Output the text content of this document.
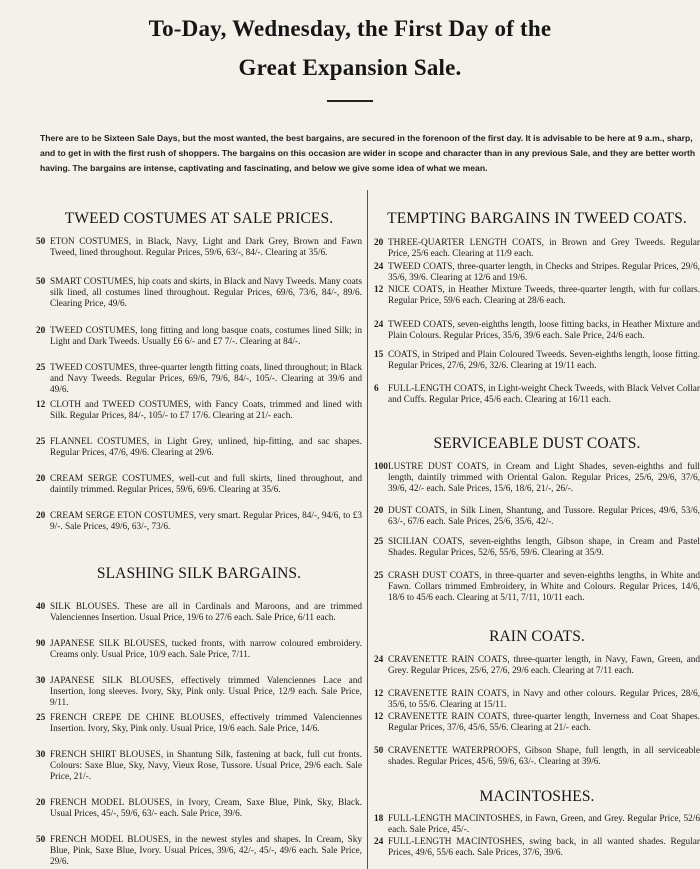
To-Day, Wednesday, the First Day of the
Great Expansion Sale.
There are to be Sixteen Sale Days, but the most wanted, the best bargains, are secured in the forenoon of the first day. It is advisable to be here at 9 a.m., sharp, and to get in with the first rush of shoppers. The bargains on this occasion are wider in scope and character than in any previous Sale, and they are better worth having. The bargains are intense, captivating and fascinating, and below we give some idea of what we mean.
TWEED COSTUMES AT SALE PRICES.
50 ETON COSTUMES, in Black, Navy, Light and Dark Grey, Brown and Fawn Tweed, lined throughout. Regular Prices, 59/6, 63/-, 84/-. Clearing at 35/6.
50 SMART COSTUMES, hip coats and skirts, in Black and Navy Tweeds. Many coats silk lined, all costumes lined throughout. Regular Prices, 69/6, 73/6, 84/-, 89/6. Clearing Price, 49/6.
20 TWEED COSTUMES, long fitting and long basque coats, costumes lined Silk; in Light and Dark Tweeds. Usually £6 6/- and £7 7/-. Clearing at 84/-.
25 TWEED COSTUMES, three-quarter length fitting coats, lined throughout; in Black and Navy Tweeds. Regular Prices, 69/6, 79/6, 84/-, 105/-. Clearing at 39/6 and 49/6.
12 CLOTH and TWEED COSTUMES, with Fancy Coats, trimmed and lined with Silk. Regular Prices, 84/-, 105/- to £7 17/6. Clearing at 21/- each.
25 FLANNEL COSTUMES, in Light Grey, unlined, hip-fitting, and sac shapes. Regular Prices, 47/6, 49/6. Clearing at 29/6.
20 CREAM SERGE COSTUMES, well-cut and full skirts, lined throughout, and daintily trimmed. Regular Prices, 59/6, 69/6. Clearing at 35/6.
20 CREAM SERGE ETON COSTUMES, very smart. Regular Prices, 84/-, 94/6, to £3 9/-. Sale Prices, 49/6, 63/-, 73/6.
SLASHING SILK BARGAINS.
40 SILK BLOUSES. These are all in Cardinals and Maroons, and are trimmed Valenciennes Insertion. Usual Price, 19/6 to 27/6 each. Sale Price, 6/11 each.
90 JAPANESE SILK BLOUSES, tucked fronts, with narrow coloured embroidery. Creams only. Usual Price, 10/9 each. Sale Price, 7/11.
30 JAPANESE SILK BLOUSES, effectively trimmed Valenciennes Lace and Insertion, long sleeves. Ivory, Sky, Pink only. Usual Price, 12/9 each. Sale Price, 9/11.
25 FRENCH CREPE DE CHINE BLOUSES, effectively trimmed Valenciennes Insertion. Ivory, Sky, Pink only. Usual Price, 19/6 each. Sale Price, 14/6.
30 FRENCH SHIRT BLOUSES, in Shantung Silk, fastening at back, full cut fronts. Colours: Saxe Blue, Sky, Navy, Vieux Rose, Tussore. Usual Price, 29/6 each. Sale Price, 21/-.
20 FRENCH MODEL BLOUSES, in Ivory, Cream, Saxe Blue, Pink, Sky, Black. Usual Prices, 45/-, 59/6, 63/- each. Sale Price, 39/6.
50 FRENCH MODEL BLOUSES, in the newest styles and shapes. In Cream, Sky Blue, Pink, Saxe Blue, Ivory. Usual Prices, 39/6, 42/-, 45/-, 49/6 each. Sale Price, 29/6.
TEMPTING BARGAINS IN TWEED COATS.
20 THREE-QUARTER LENGTH COATS, in Brown and Grey Tweeds. Regular Price, 25/6 each. Clearing at 11/9 each.
24 TWEED COATS, three-quarter length, in Checks and Stripes. Regular Prices, 29/6, 35/6, 39/6. Clearing at 12/6 and 19/6.
12 NICE COATS, in Heather Mixture Tweeds, three-quarter length, with fur collars. Regular Price, 59/6 each. Clearing at 28/6 each.
24 TWEED COATS, seven-eighths length, loose fitting backs, in Heather Mixture and Plain Colours. Regular Prices, 35/6, 39/6 each. Sale Price, 24/6 each.
15 COATS, in Striped and Plain Coloured Tweeds. Seven-eighths length, loose fitting. Regular Prices, 27/6, 29/6, 32/6. Clearing at 19/11 each.
6	FULL-LENGTH COATS, in Light-weight Check Tweeds, with Black Velvet Collar and Cuffs. Regular Price, 45/6 each. Clearing at 16/11 each.
SERVICEABLE DUST COATS.
100 LUSTRE DUST COATS, in Cream and Light Shades, seven-eighths and full length, daintily trimmed with Oriental Galon. Regular Prices, 25/6, 29/6, 37/6, 39/6, 42/- each. Sale Prices, 15/6, 18/6, 21/-, 26/-.
20 DUST COATS, in Silk Linen, Shantung, and Tussore. Regular Prices, 49/6, 53/6, 63/-, 67/6 each. Sale Prices, 25/6, 35/6, 42/-.
25 SICILIAN COATS, seven-eighths length, Gibson shape, in Cream and Pastel Shades. Regular Prices, 52/6, 55/6, 59/6. Clearing at 35/9.
25 CRASH DUST COATS, in three-quarter and seven-eighths lengths, in White and Fawn. Collars trimmed Embroidery, in White and Colours. Regular Prices, 14/6, 18/6 to 45/6 each. Clearing at 5/11, 7/11, 10/11 each.
RAIN COATS.
24 CRAVENETTE RAIN COATS, three-quarter length, in Navy, Fawn, Green, and Grey. Regular Prices, 25/6, 27/6, 29/6 each. Clearing at 7/11 each.
12 CRAVENETTE RAIN COATS, in Navy and other colours. Regular Prices, 28/6, 35/6, to 55/6. Clearing at 15/11.
12 CRAVENETTE RAIN COATS, three-quarter length, Inverness and Coat Shapes. Regular Prices, 37/6, 45/6, 55/6. Clearing at 21/- each.
50 CRAVENETTE WATERPROOFS, Gibson Shape, full length, in all serviceable shades. Regular Prices, 45/6, 59/6, 63/-. Clearing at 39/6.
MACINTOSHES.
18 FULL-LENGTH MACINTOSHES, in Fawn, Green, and Grey. Regular Price, 52/6 each. Sale Price, 45/-.
24 FULL-LENGTH MACINTOSHES, swing back, in all wanted shades. Regular Prices, 49/6, 55/6 each. Sale Prices, 37/6, 39/6.
